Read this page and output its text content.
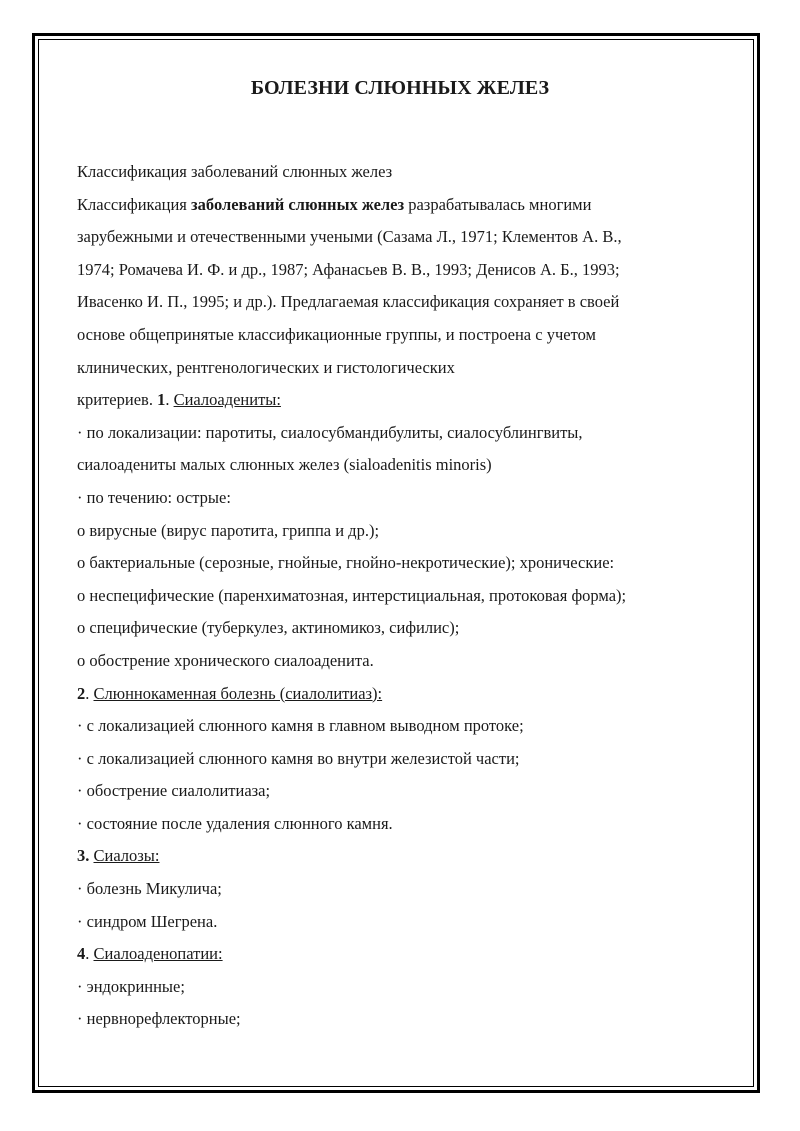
БОЛЕЗНИ СЛЮННЫХ ЖЕЛЕЗ
Классификация заболеваний слюнных желез
Классификация заболеваний слюнных желез разрабатывалась многими
зарубежными и отечественными учеными (Сазама Л., 1971; Клементов А. В.,
1974; Ромачева И. Ф. и др., 1987; Афанасьев В. В., 1993; Денисов А. Б., 1993;
Ивасенко И. П., 1995; и др.). Предлагаемая классификация сохраняет в своей
основе общепринятые классификационные группы, и построена с учетом
клинических, рентгенологических и гистологических
критериев. 1. Сиалоадениты:
· по локализации: паротиты, сиалосубмандибулиты, сиалосублингвиты,
сиалоадениты малых слюнных желез (sialoadenitis minoris)
· по течению: острые:
о вирусные (вирус паротита, гриппа и др.);
о бактериальные (серозные, гнойные, гнойно-некротические); хронические:
о неспецифические (паренхиматозная, интерстициальная, протоковая форма);
о специфические (туберкулез, актиномикоз, сифилис);
о обострение хронического сиалоаденита.
2. Слюннокаменная болезнь (сиалолитиаз):
· с локализацией слюнного камня в главном выводном протоке;
· с локализацией слюнного камня во внутри железистой части;
· обострение сиалолитиаза;
· состояние после удаления слюнного камня.
3. Сиалозы:
· болезнь Микулича;
· синдром Шегрена.
4. Сиалоаденопатии:
· эндокринные;
· нервнорефлекторные;
